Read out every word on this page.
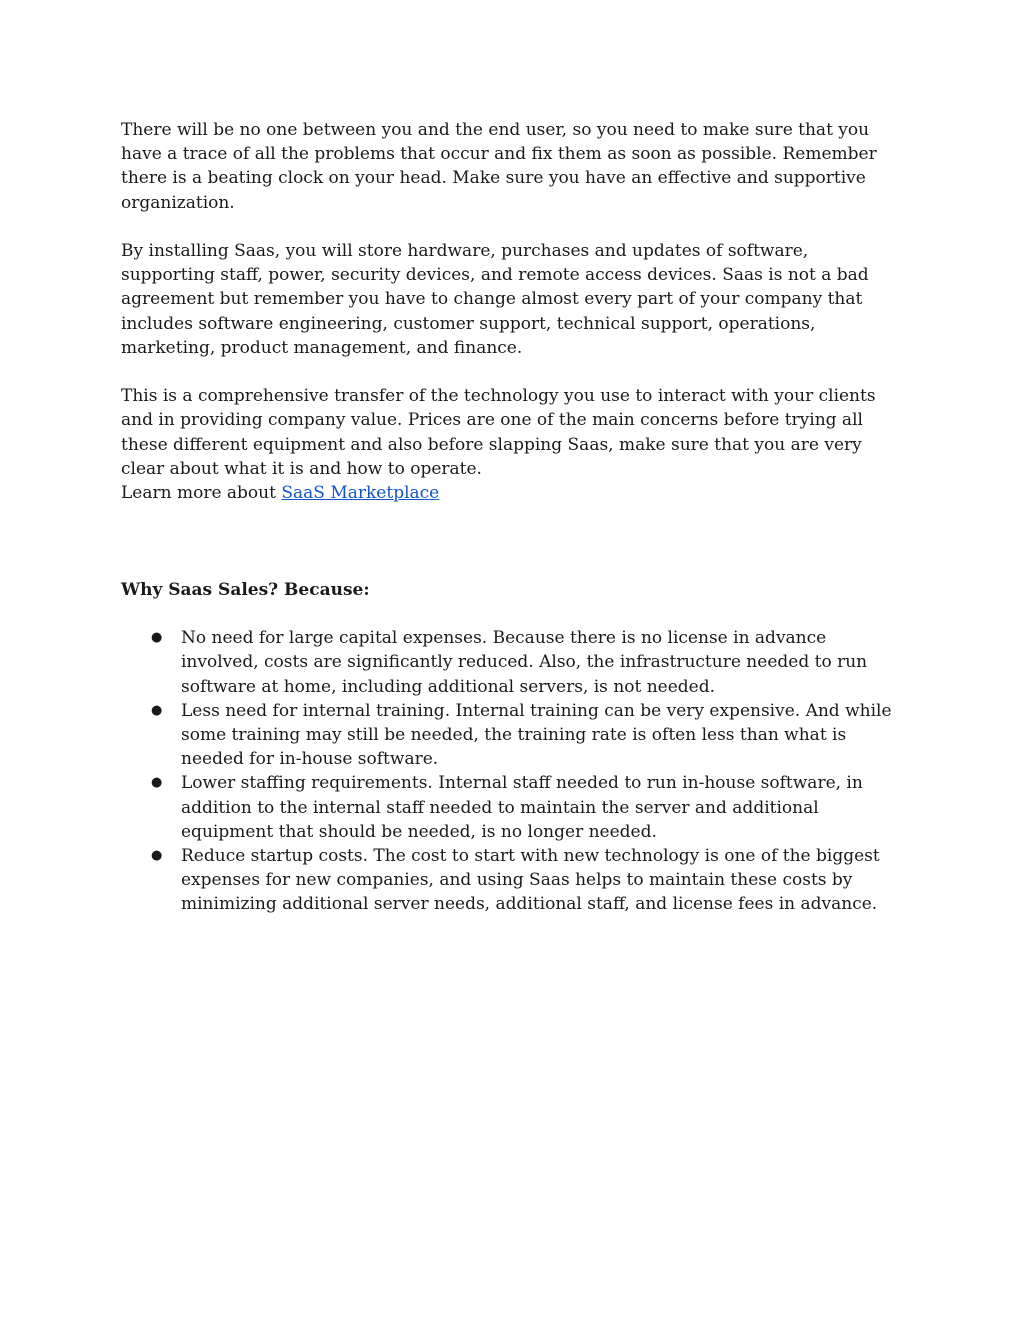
There will be no one between you and the end user, so you need to make sure that you have a trace of all the problems that occur and fix them as soon as possible. Remember there is a beating clock on your head. Make sure you have an effective and supportive organization.

By installing Saas, you will store hardware, purchases and updates of software, supporting staff, power, security devices, and remote access devices. Saas is not a bad agreement but remember you have to change almost every part of your company that includes software engineering, customer support, technical support, operations, marketing, product management, and finance.

This is a comprehensive transfer of the technology you use to interact with your clients and in providing company value. Prices are one of the main concerns before trying all these different equipment and also before slapping Saas, make sure that you are very clear about what it is and how to operate.

Learn more about SaaS Marketplace

Why Saas Sales? Because:

● No need for large capital expenses. Because there is no license in advance involved, costs are significantly reduced. Also, the infrastructure needed to run software at home, including additional servers, is not needed.
● Less need for internal training. Internal training can be very expensive. And while some training may still be needed, the training rate is often less than what is needed for in-house software.
● Lower staffing requirements. Internal staff needed to run in-house software, in addition to the internal staff needed to maintain the server and additional equipment that should be needed, is no longer needed.
● Reduce startup costs. The cost to start with new technology is one of the biggest expenses for new companies, and using Saas helps to maintain these costs by minimizing additional server needs, additional staff, and license fees in advance.
